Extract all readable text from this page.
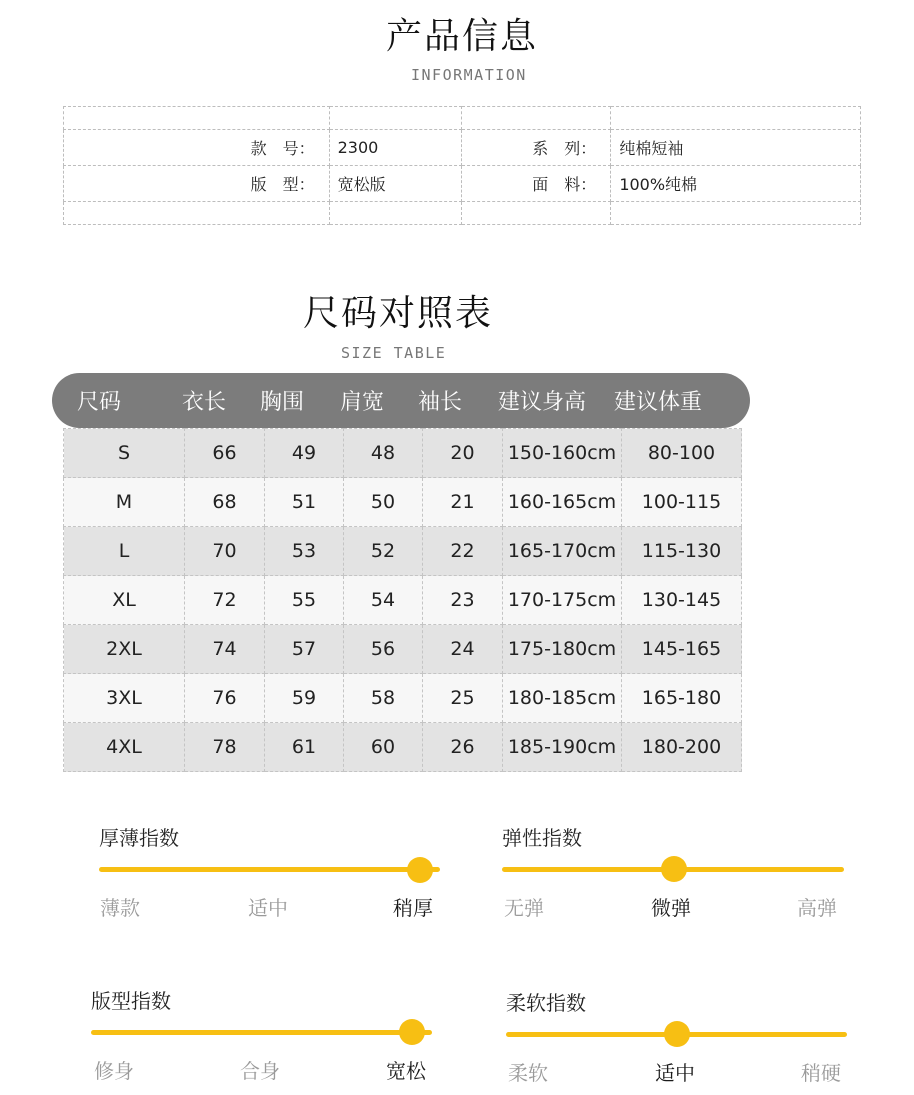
产品信息
INFORMATION

款　号：	2300	系　列：	纯棉短袖
版　型：	宽松版	面　料：	100%纯棉

尺码对照表
SIZE TABLE
尺码	衣长	胸围	肩宽	袖长	建议身高	建议体重
S	66	49	48	20	150-160cm	80-100
M	68	51	50	21	160-165cm	100-115
L	70	53	52	22	165-170cm	115-130
XL	72	55	54	23	170-175cm	130-145
2XL	74	57	56	24	175-180cm	145-165
3XL	76	59	58	25	180-185cm	165-180
4XL	78	61	60	26	185-190cm	180-200
厚薄指数
薄款	适中	稍厚
弹性指数
无弹	微弹	高弹
版型指数
修身	合身	宽松
柔软指数
柔软	适中	稍硬
